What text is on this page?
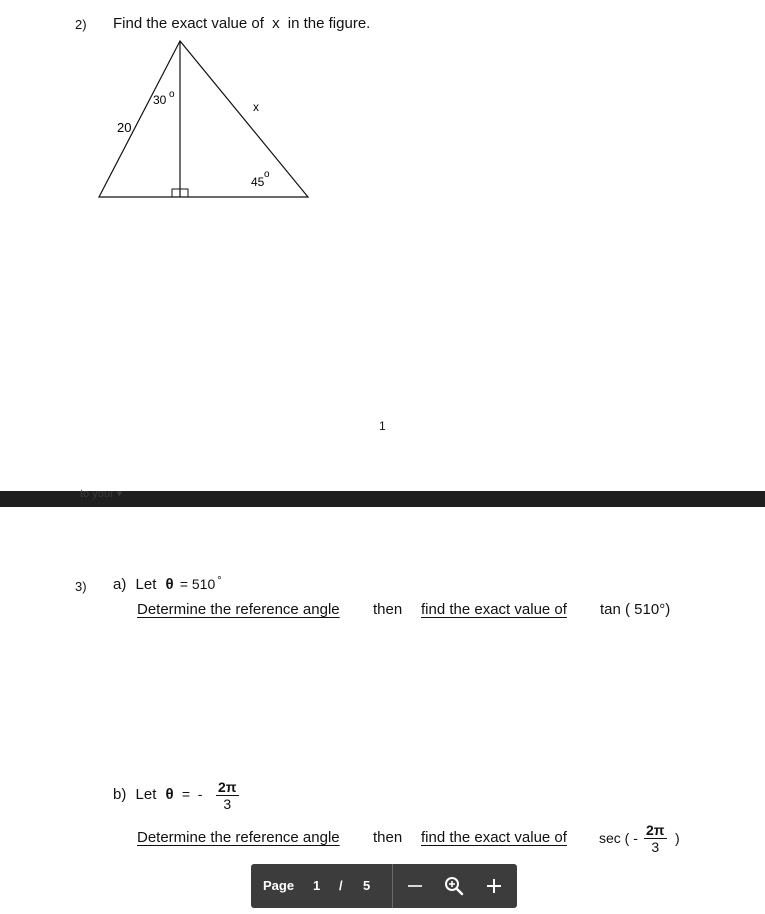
2) Find the exact value of x in the figure.
30 o
20
x
45
o
1
to your ▾
3) a) Let θ = 510 °
Determine the reference angle then find the exact value of tan ( 510°)
b) Let θ =  - $\frac{2\pi}{3}$
Determine the reference angle then find the exact value of sec ( - $\frac{2\pi}{3}$ )
Page 1 / 5
